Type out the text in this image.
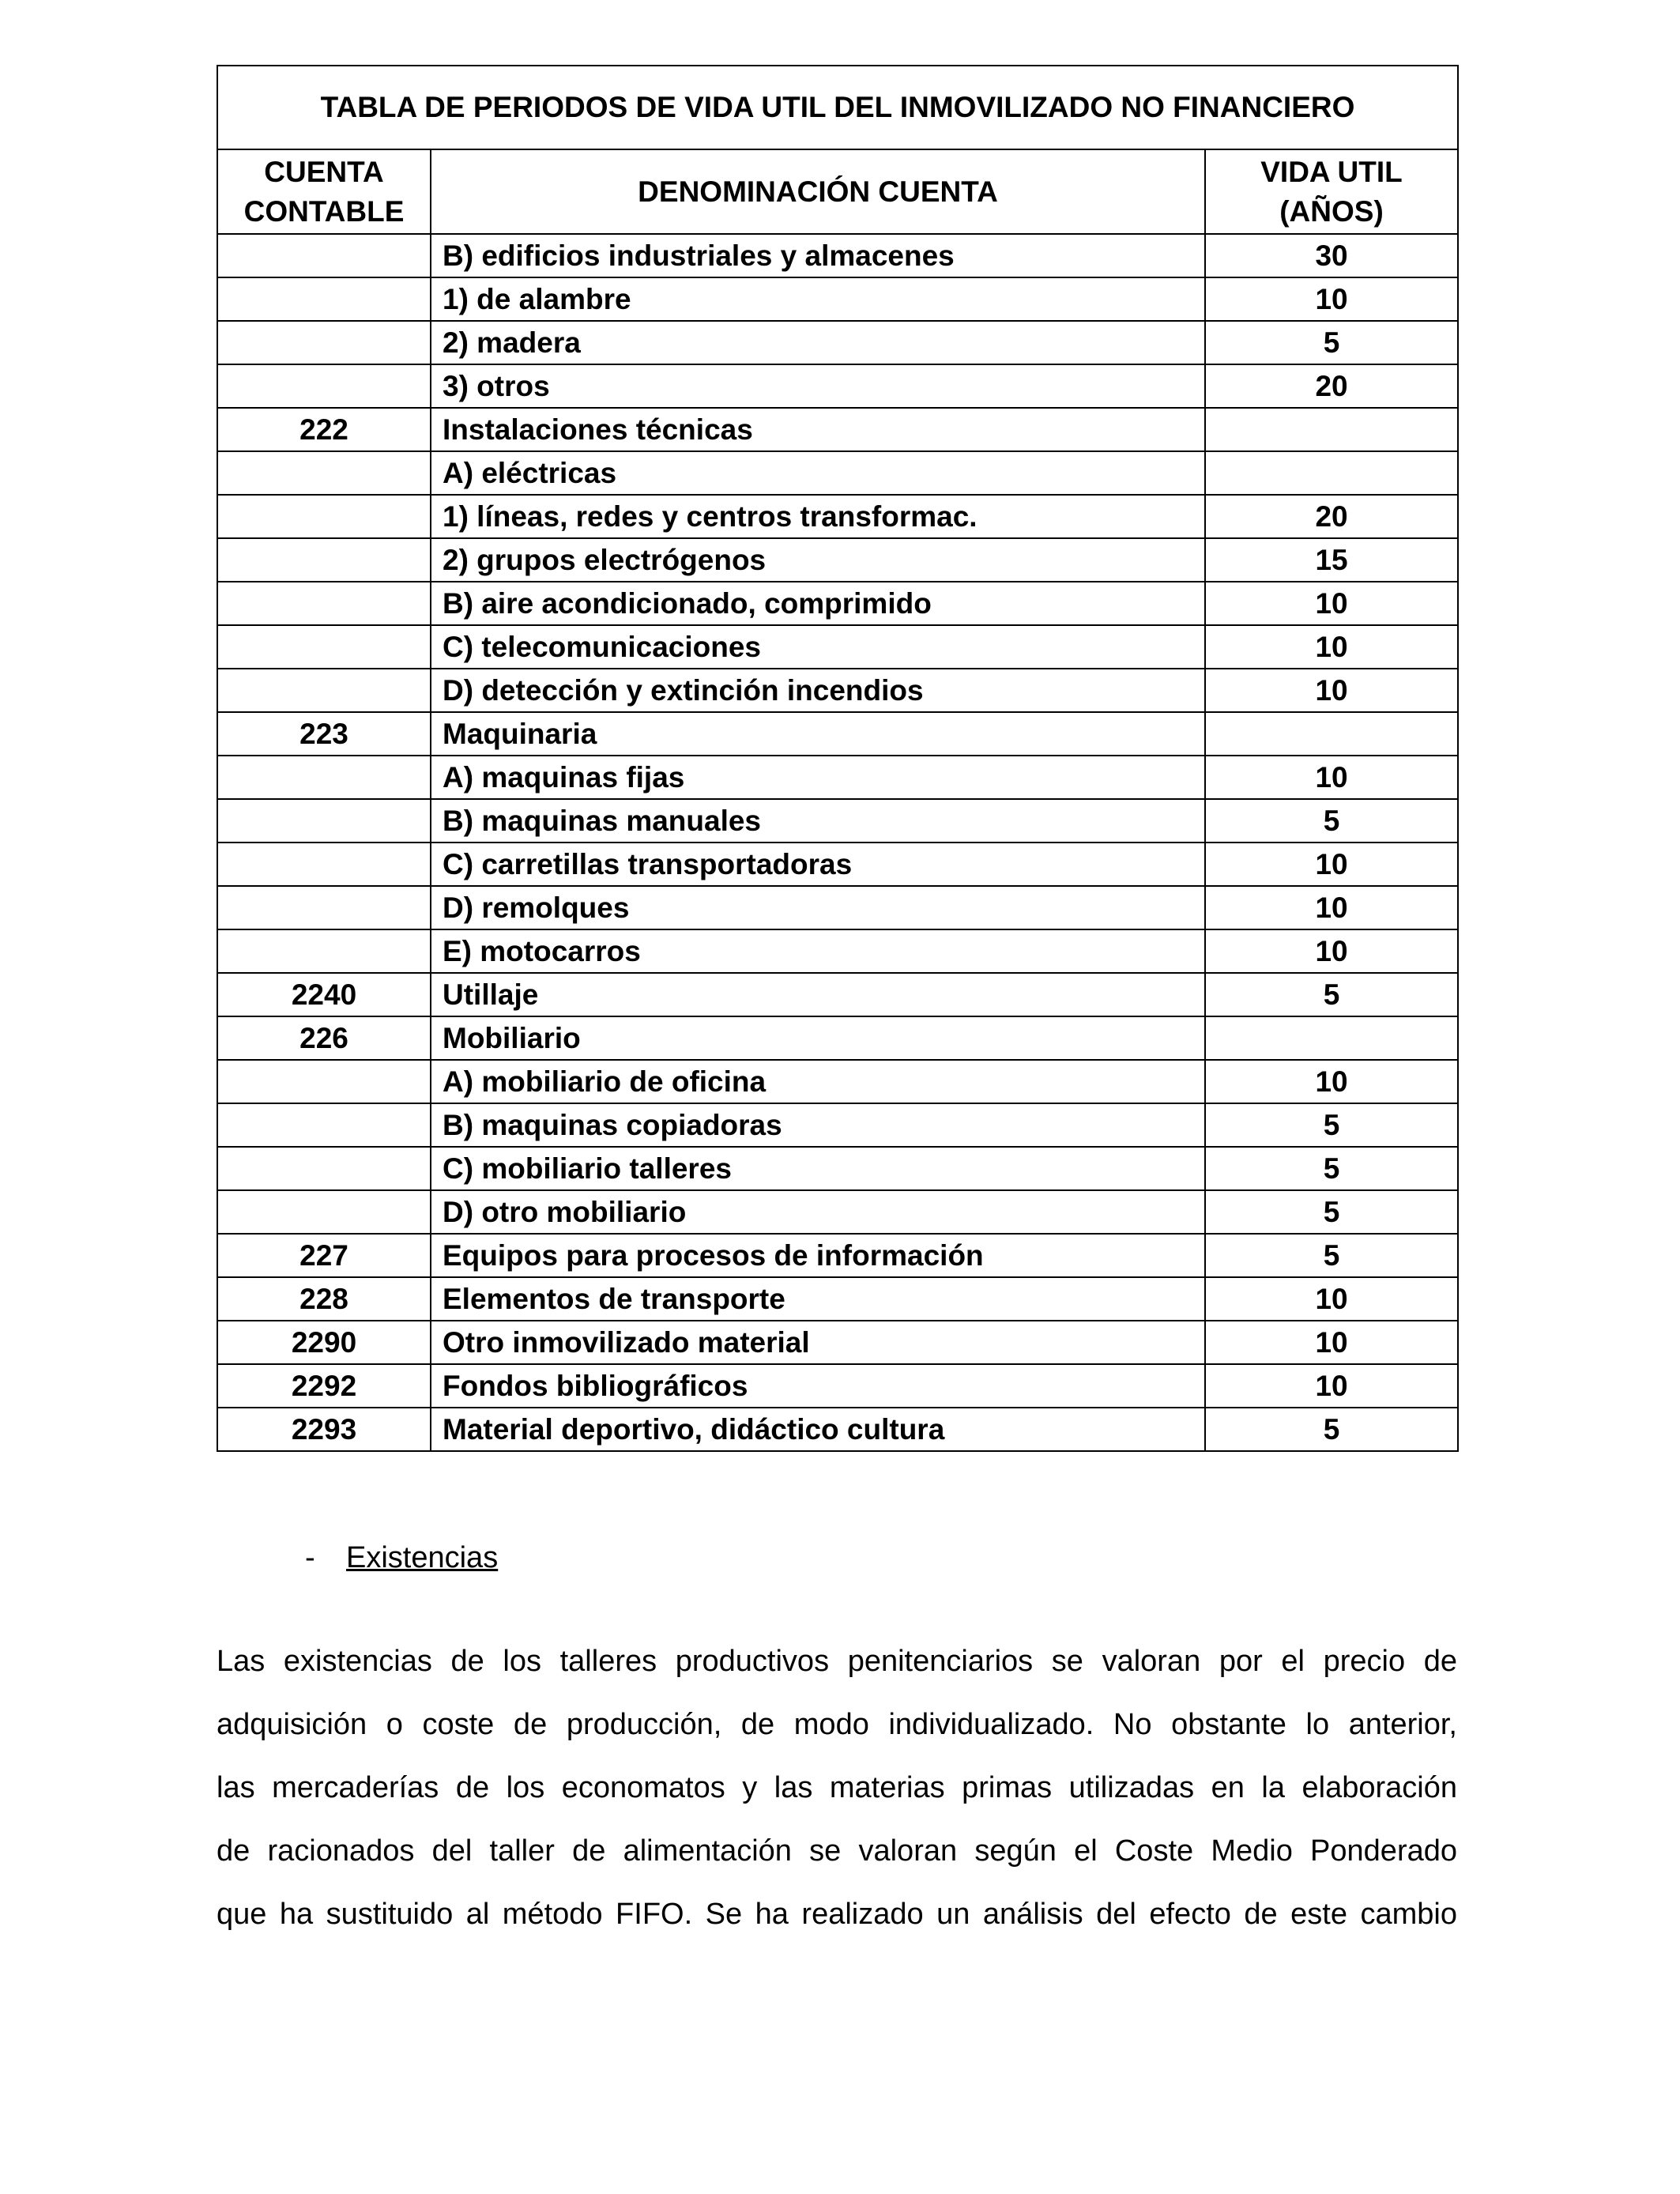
TABLA DE PERIODOS DE VIDA UTIL DEL INMOVILIZADO NO FINANCIERO		
CUENTA CONTABLE	DENOMINACIÓN CUENTA	VIDA UTIL (AÑOS)
	B) edificios industriales y almacenes	30
	1) de alambre	10
	2) madera	5
	3) otros	20
222	Instalaciones técnicas	
	A) eléctricas	
	1) líneas, redes y centros transformac.	20
	2) grupos electrógenos	15
	B) aire acondicionado, comprimido	10
	C) telecomunicaciones	10
	D) detección y extinción incendios	10
223	Maquinaria	
	A) maquinas fijas	10
	B) maquinas manuales	5
	C) carretillas transportadoras	10
	D) remolques	10
	E) motocarros	10
2240	Utillaje	5
226	Mobiliario	
	A) mobiliario de oficina	10
	B) maquinas copiadoras	5
	C) mobiliario talleres	5
	D) otro mobiliario	5
227	Equipos para procesos de información	5
228	Elementos de transporte	10
2290	Otro inmovilizado material	10
2292	Fondos bibliográficos	10
2293	Material deportivo, didáctico cultura	5
- Existencias
Las existencias de los talleres productivos penitenciarios se valoran por el precio de
adquisición o coste de producción, de modo individualizado. No obstante lo anterior,
las mercaderías de los economatos y las materias primas utilizadas en la elaboración
de racionados del taller de alimentación se valoran según el Coste Medio Ponderado
que ha sustituido al método FIFO. Se ha realizado un análisis del efecto de este cambio
